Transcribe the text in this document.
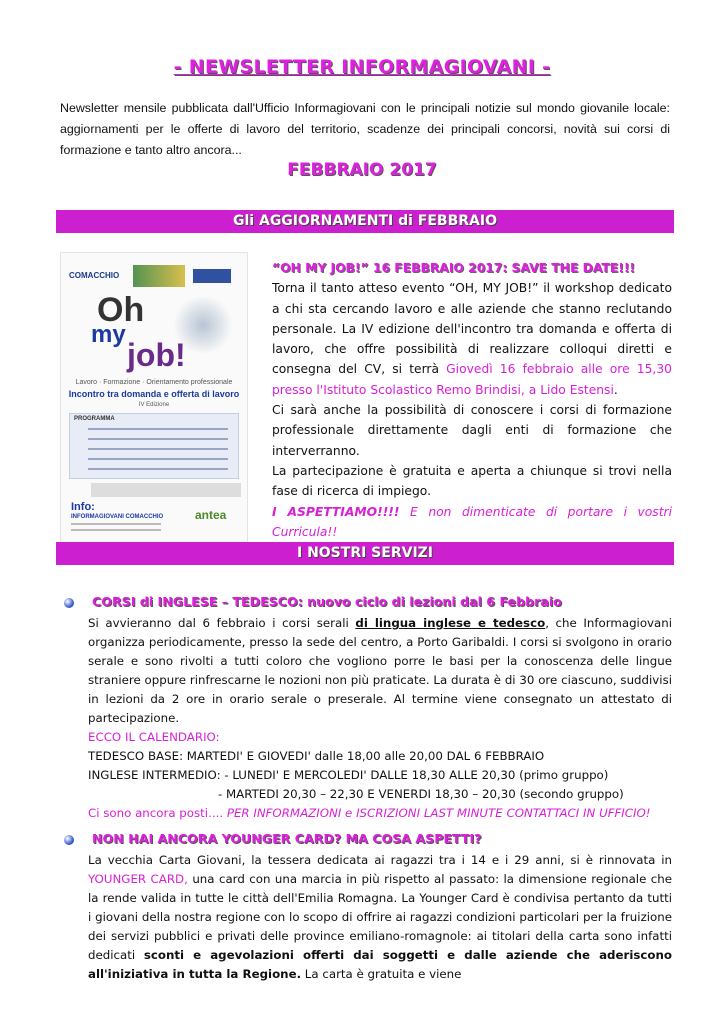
- NEWSLETTER INFORMAGIOVANI -
Newsletter mensile pubblicata dall'Ufficio Informagiovani con le principali notizie sul mondo giovanile locale: aggiornamenti per le offerte di lavoro del territorio, scadenze dei principali concorsi, novità sui corsi di formazione e tanto altro ancora...
FEBBRAIO 2017
Gli AGGIORNAMENTI di FEBBRAIO
COMACCHIO
Oh
my
job!
Lavoro · Formazione · Orientamento professionale
Incontro tra domanda e offerta di lavoro
IV Edizione
PROGRAMMA
Info:
INFORMAGIOVANI COMACCHIO	antea
“OH MY JOB!” 16 FEBBRAIO 2017: SAVE THE DATE!!!
Torna il tanto atteso evento “OH, MY JOB!” il workshop dedicato a chi sta cercando lavoro e alle aziende che stanno reclutando personale. La IV edizione dell'incontro tra domanda e offerta di lavoro, che offre possibilità di realizzare colloqui diretti e consegna del CV, si terrà Giovedì 16 febbraio alle ore 15,30 presso l'Istituto Scolastico Remo Brindisi, a Lido Estensi.
Ci sarà anche la possibilità di conoscere i corsi di formazione professionale direttamente dagli enti di formazione che interverranno.
La partecipazione è gratuita e aperta a chiunque si trovi nella fase di ricerca di impiego.
I ASPETTIAMO!!!! E non dimenticate di portare i vostri Curricula!!
I NOSTRI SERVIZI
CORSI di INGLESE – TEDESCO: nuovo ciclo di lezioni dal 6 Febbraio

Si avvieranno dal 6 febbraio i corsi serali di lingua inglese e tedesco, che Informagiovani organizza periodicamente, presso la sede del centro, a Porto Garibaldi. I corsi si svolgono in orario serale e sono rivolti a tutti coloro che vogliono porre le basi per la conoscenza delle lingue straniere oppure rinfrescarne le nozioni non più praticate. La durata è di 30 ore ciascuno, suddivisi in lezioni da 2 ore in orario serale o preserale. Al termine viene consegnato un attestato di partecipazione.

ECCO IL CALENDARIO:

TEDESCO BASE: MARTEDI' E GIOVEDI' dalle 18,00 alle 20,00 DAL 6 FEBBRAIO

INGLESE INTERMEDIO: - LUNEDI' E MERCOLEDI' DALLE 18,30 ALLE 20,30 (primo gruppo)

- MARTEDI 20,30 – 22,30 E VENERDI 18,30 – 20,30 (secondo gruppo)

Ci sono ancora posti.... PER INFORMAZIONI e ISCRIZIONI LAST MINUTE CONTATTACI IN UFFICIO!

NON HAI ANCORA YOUNGER CARD? MA COSA ASPETTI?

La vecchia Carta Giovani, la tessera dedicata ai ragazzi tra i 14 e i 29 anni, si è rinnovata in YOUNGER CARD, una card con una marcia in più rispetto al passato: la dimensione regionale che la rende valida in tutte le città dell'Emilia Romagna. La Younger Card è condivisa pertanto da tutti i giovani della nostra regione con lo scopo di offrire ai ragazzi condizioni particolari per la fruizione dei servizi pubblici e privati delle province emiliano-romagnole: ai titolari della carta sono infatti dedicati sconti e agevolazioni offerti dai soggetti e dalle aziende che aderiscono all'iniziativa in tutta la Regione. La carta è gratuita e viene
